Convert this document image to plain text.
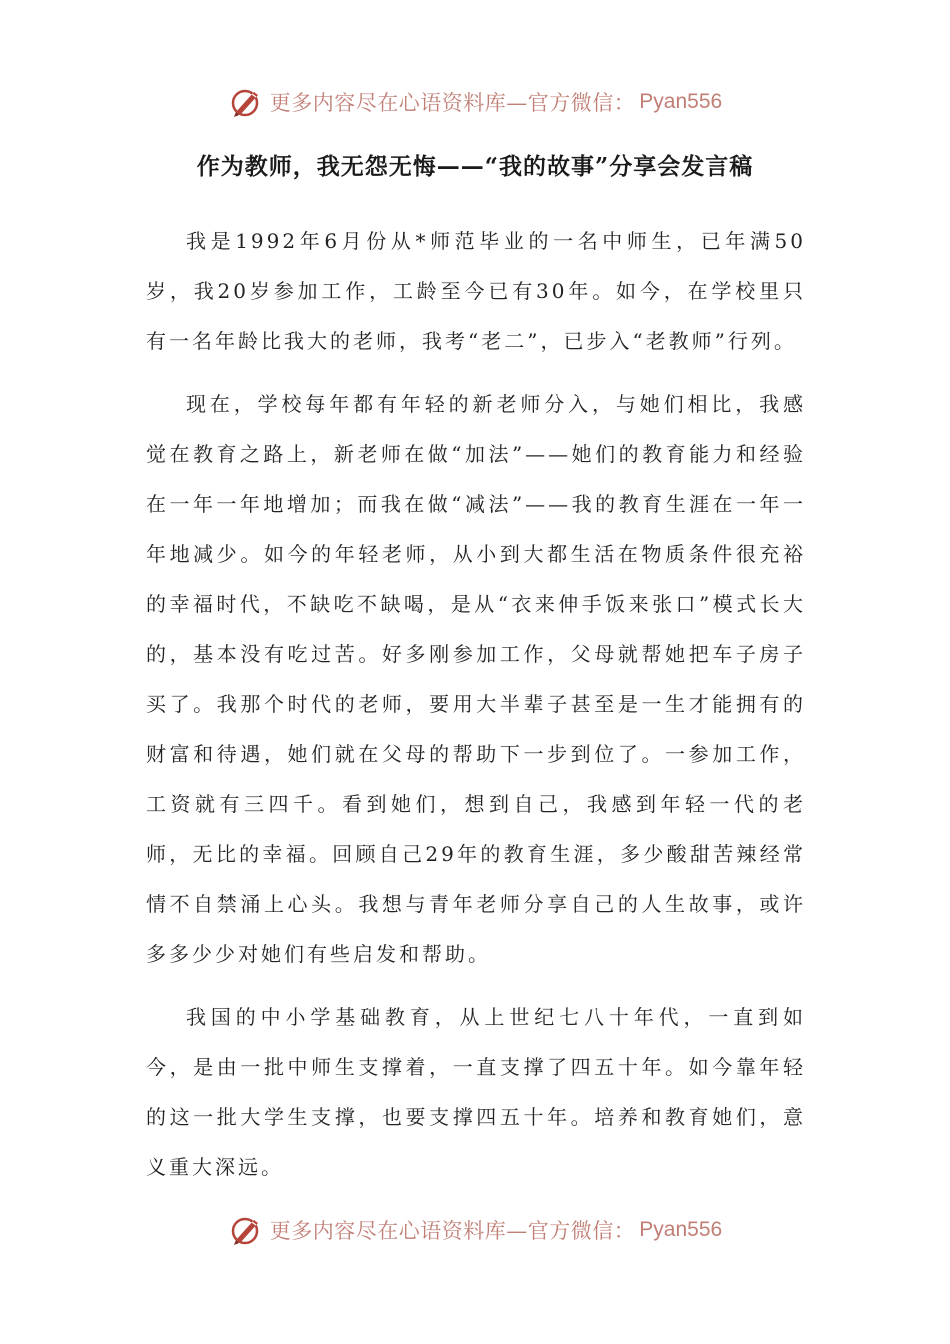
更多内容尽在心语资料库—官方微信： Pyan556
作为教师，我无怨无悔——“我的故事”分享会发言稿

我是1992年6月份从*师范毕业的一名中师生，已年满50岁，我20岁参加工作，工龄至今已有30年。如今，在学校里只有一名年龄比我大的老师，我考“老二”，已步入“老教师”行列。

现在，学校每年都有年轻的新老师分入，与她们相比，我感觉在教育之路上，新老师在做“加法”——她们的教育能力和经验在一年一年地增加；而我在做“减法”——我的教育生涯在一年一年地减少。如今的年轻老师，从小到大都生活在物质条件很充裕的幸福时代，不缺吃不缺喝，是从“衣来伸手饭来张口”模式长大的，基本没有吃过苦。好多刚参加工作，父母就帮她把车子房子买了。我那个时代的老师，要用大半辈子甚至是一生才能拥有的财富和待遇，她们就在父母的帮助下一步到位了。一参加工作，工资就有三四千。看到她们，想到自己，我感到年轻一代的老师，无比的幸福。回顾自己29年的教育生涯，多少酸甜苦辣经常情不自禁涌上心头。我想与青年老师分享自己的人生故事，或许多多少少对她们有些启发和帮助。

我国的中小学基础教育，从上世纪七八十年代，一直到如今，是由一批中师生支撑着，一直支撑了四五十年。如今靠年轻的这一批大学生支撑，也要支撑四五十年。培养和教育她们，意义重大深远。

更多内容尽在心语资料库—官方微信： Pyan556
